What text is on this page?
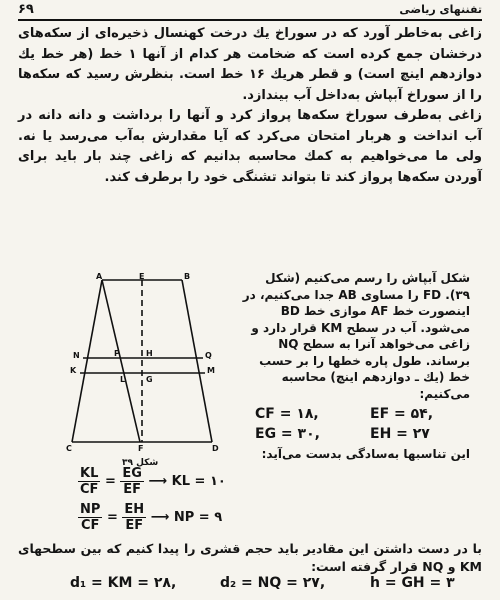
۶۹	تفننهای ریاضی
زاغی به‌خاطر آورد که در سوراخ یك درخت کهنسال ذخیره‌ای از سکه‌های درخشان جمع کرده است که ضخامت هر کدام از آنها ۱ خط (هر خط یك دوازدهم اینچ است) و قطر هریك ۱۶ خط است. بنظرش رسید که سکه‌ها را از سوراخ آبپاش به‌داخل آب بیندازد.
زاغی به‌طرف سوراخ سکه‌ها پرواز کرد و آنها را برداشت و دانه دانه در آب انداخت و هربار امتحان می‌کرد که آیا مقدارش به‌آب می‌رسد یا نه. ولی ما می‌خواهیم به کمك محاسبه بدانیم که زاغی چند بار باید برای آوردن سکه‌ها پرواز کند تا بتواند تشنگی خود را برطرف کند.
A	E	B
N	P	H	Q
K
L	G
M
C	F	D
شکل ۳۹
شکل آبپاش را رسم می‌کنیم (شکل ۳۹). FD را مساوی AB جدا می‌کنیم، در اینصورت خط AF موازی خط BD می‌شود. آب در سطح KM قرار دارد و زاغی می‌خواهد آنرا به سطح NQ برساند. طول پاره خطها را بر حسب خط (یك ـ دوازدهم اینچ) محاسبه می‌کنیم:
CF = ۱۸,	EF = ۵۴,
EG = ۳۰,	EH = ۲۷
این تناسبها به‌سادگی بدست می‌آید:
$\frac{KL}{CF} = \frac{EG}{EF}$ ⟶ KL = ۱۰
$\frac{NP}{CF} = \frac{EH}{EF}$ ⟶ NP = ۹
با در دست داشتن این مقادیر باید حجم قشری را پیدا کنیم که بین سطحهای KM و NQ قرار گرفته است:
d₁ = KM = ۲۸,	d₂ = NQ = ۲۷,	h = GH = ۳
